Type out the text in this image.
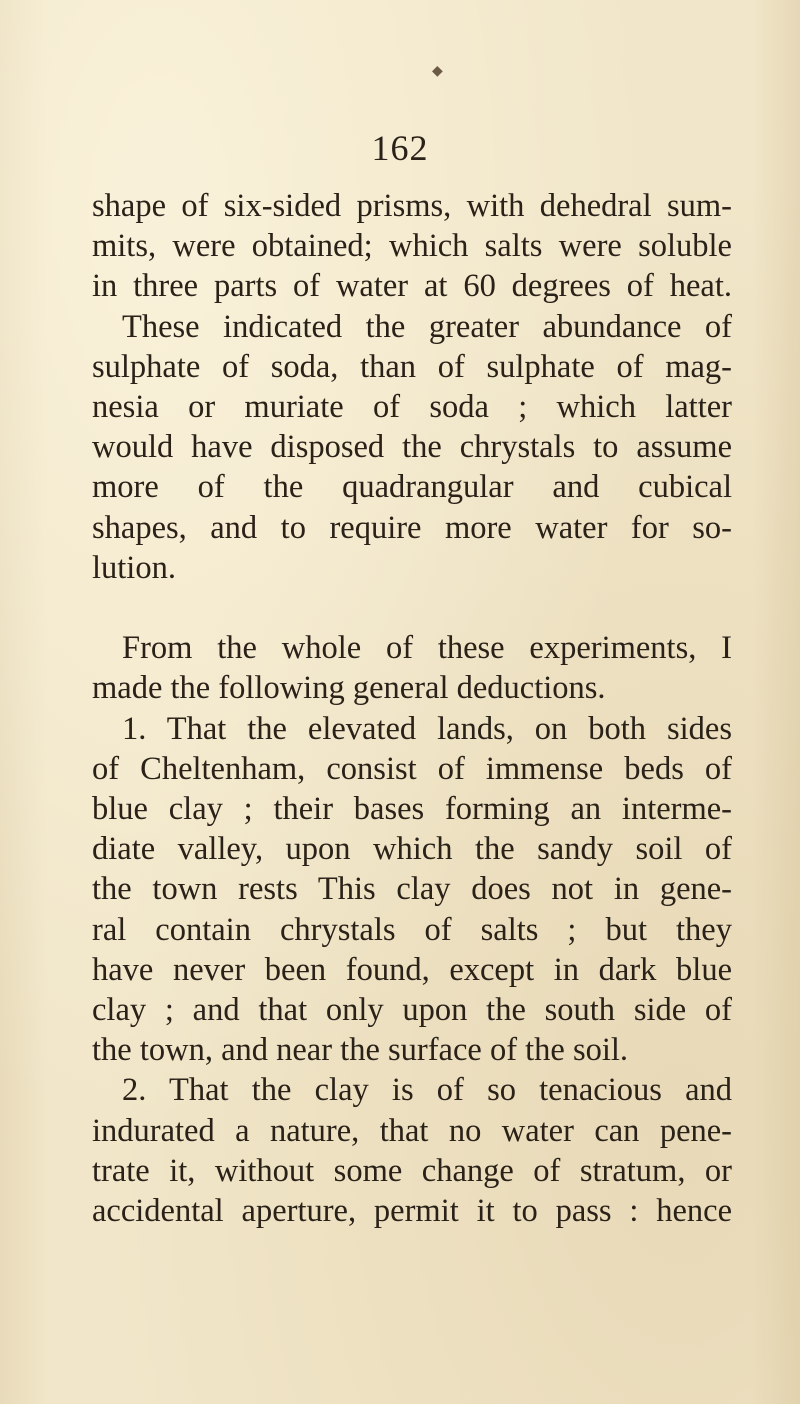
◆
162
shape of six-sided prisms, with dehedral sum-
mits, were obtained; which salts were soluble
in three parts of water at 60 degrees of heat.
These indicated the greater abundance of
sulphate of soda, than of sulphate of mag-
nesia or muriate of soda ; which latter
would have disposed the chrystals to assume
more of the quadrangular and cubical
shapes, and to require more water for so-
lution.
From the whole of these experiments, I
made the following general deductions.
1. That the elevated lands, on both sides
of Cheltenham, consist of immense beds of
blue clay ; their bases forming an interme-
diate valley, upon which the sandy soil of
the town rests This clay does not in gene-
ral contain chrystals of salts ; but they
have never been found, except in dark blue
clay ; and that only upon the south side of
the town, and near the surface of the soil.
2. That the clay is of so tenacious and
indurated a nature, that no water can pene-
trate it, without some change of stratum, or
accidental aperture, permit it to pass : hence
